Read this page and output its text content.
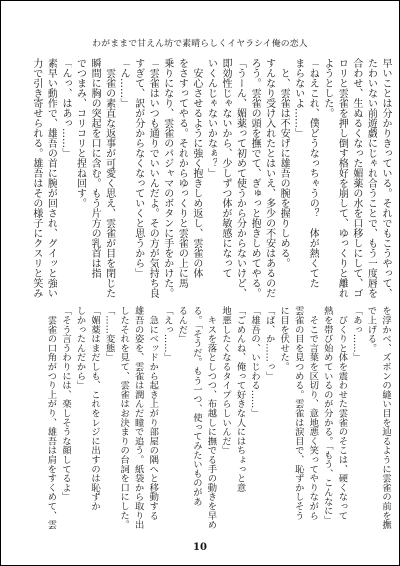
わがままで甘えん坊で素晴らしくイヤラシイ俺の恋人
早いことは分かりきっている。それでもこうやって、
たわいない前遊戯にじゃれ合うことで、もう一度唇を
合わせ、生ぬるくなった媚薬の水を口移しにして、ゴ
ロリと雲雀を押し倒す格好を崩して、ゆっくりと離れ
ようとした。
「ねえこれ、僕どうなっちゃうの？　体が熱くてた
まらないよ……」
　と、雲雀は不安げに雄吾の腕を握りしめる。
すんなり受け入れたとはいえ、多少の不安はあるのだ
ろう。雲雀の頭を撫でて、ぎゅっと抱きしめてやる。
「うーん、媚薬って初めて使うから分からないけど、
即効性じゃないから、少しずつ体が敏感になって
いくんじゃないかなぁ？」
　安心させるように強く抱きしめ返し、雲雀の体
をさすってやる。それからゆっくりと雲雀の上に馬
乗りになり、雲雀のパジャマのボタンに手をかけた。
「雲雀はいつも通りでいいんだよ。その方が気持ち良
すぎて、訳が分からなくなっていくと思うから」
「ん……」
　雲雀の素直な返事が可愛く思え、雲雀が目を閉じた
瞬間に胸の突起を口に含む。もう片方の乳首は指
でつまみ、コリコリと捏ね回す。
「んっ、はあっ……」
素早い動作で、雄吾の首に腕が回され、グイッと強い
力で引き寄せられる。雄吾はその様子にクスリと笑み
を浮かべ、ズボンの縫い目を辿るように雲雀の前を撫
で上げる。
「あっ……」
　びくりと体を震わせた雲雀のそこは、硬くなって
熱を帯び始めているのが分かる。「もう、こんなに」
　そこで言葉を区切り、意地悪く笑ってやりながら
雲雀の目を見つめる。雲雀は涙目で、恥ずかしそう
に目を伏せた。
「ば、か……っ」
「雄吾の、いじわる……」
「ごめんね、俺って好きな人にはちょっと意
地悪したくなるタイプらしいんだ」
　キスを落としつつ、布越しに撫でる手の動きを早め
る。「そうだ。もう一つ、使ってみたいものがあ
るんだ」
「えっ……」
　急にベッドから起き上がり部屋の隅へと移動する
雄吾の姿を、雲雀は潤んだ瞳で追う。紙袋から取り出
したそれを見て、雲雀はお決まりの台詞を口にした。
「……変態」
「媚薬はまだしも、これをレジに出すのは恥ずか
しかったんだから」
「そう言うわりには、楽しそうな顔してるよ」
　雲雀の口角がつり上がり、雄吾は肩をすくめて、雲
10
